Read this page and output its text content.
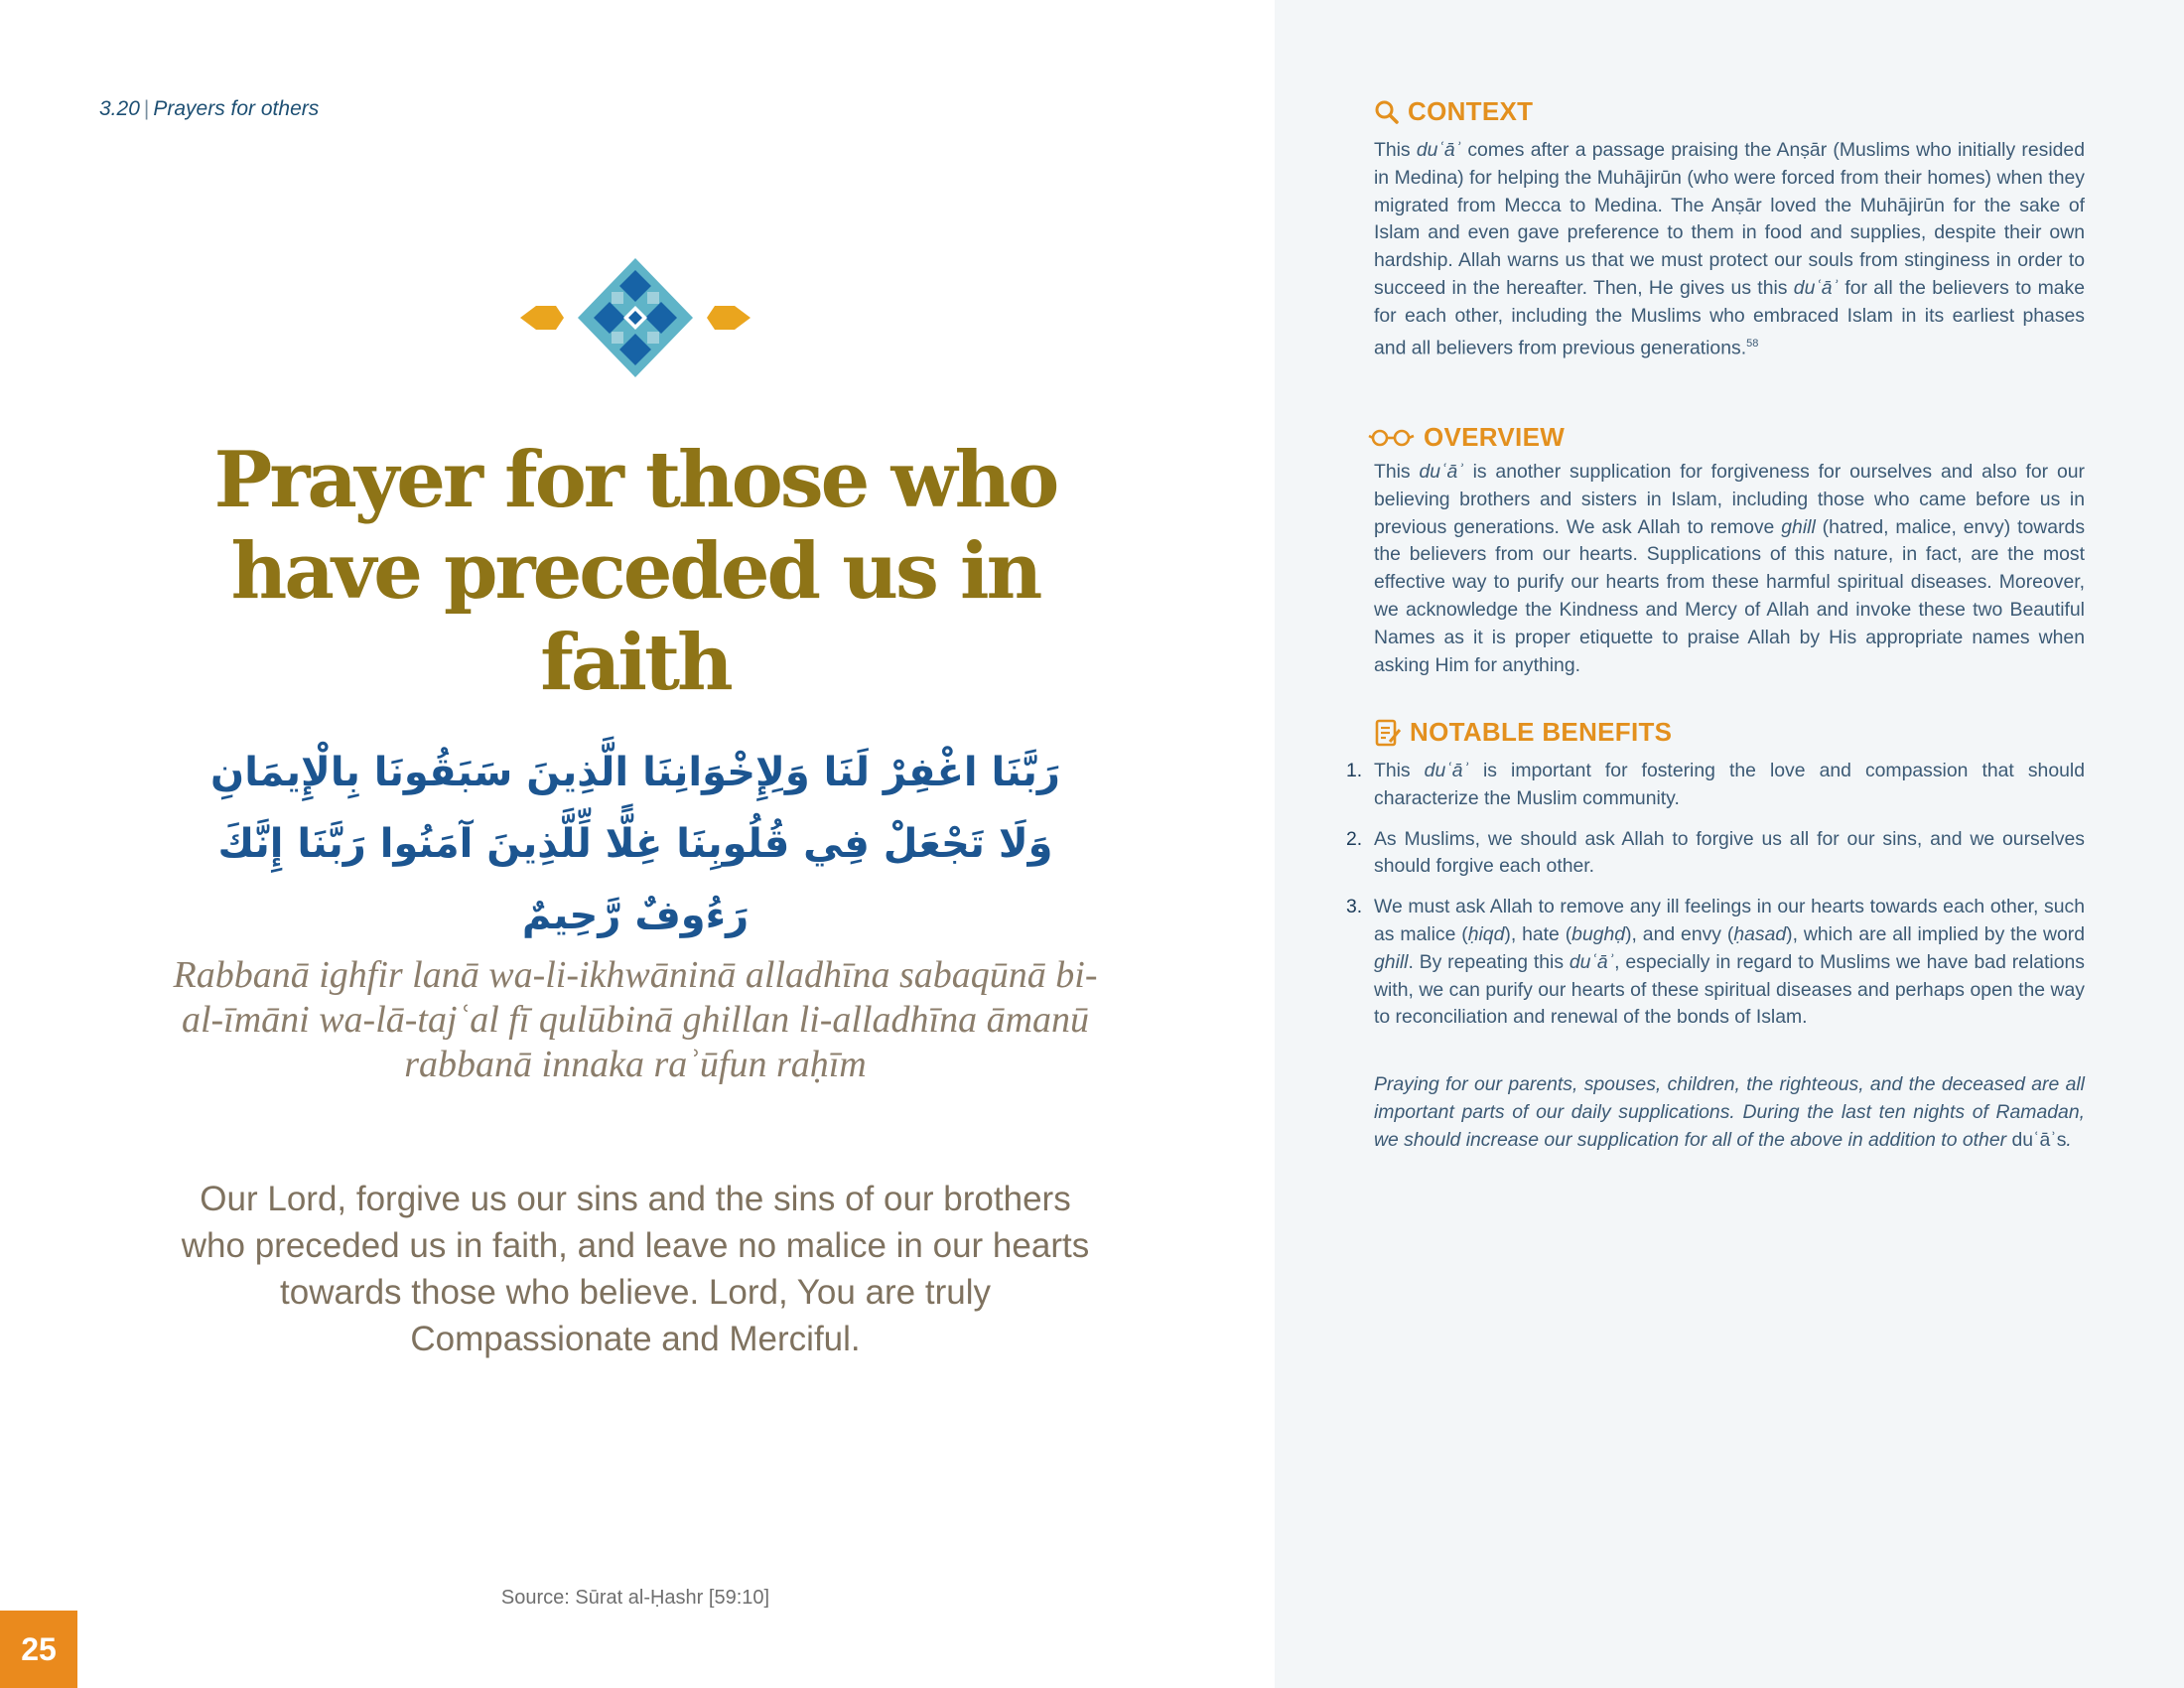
3.20 | Prayers for others
Prayer for those who
have preceded us in faith
رَبَّنَا اغْفِرْ لَنَا وَلِإِخْوَانِنَا الَّذِينَ سَبَقُونَا بِالْإِيمَانِ وَلَا تَجْعَلْ فِي قُلُوبِنَا غِلًّا لِّلَّذِينَ آمَنُوا رَبَّنَا إِنَّكَ رَءُوفٌ رَّحِيمٌ
Rabbanā ighfir lanā wa-li-ikhwāninā alladhīna sabaqūnā bi-al-īmāni wa-lā-tajʿal fī qulūbinā ghillan li-alladhīna āmanū rabbanā innaka raʾūfun raḥīm
Our Lord, forgive us our sins and the sins of our brothers who preceded us in faith, and leave no malice in our hearts towards those who believe. Lord, You are truly Compassionate and Merciful.
Source: Sūrat al-Ḥashr [59:10]
25
CONTEXT

This duʿāʾ comes after a passage praising the Anṣār (Muslims who initially resided in Medina) for helping the Muhājirūn (who were forced from their homes) when they migrated from Mecca to Medina. The Anṣār loved the Muhājirūn for the sake of Islam and even gave preference to them in food and supplies, despite their own hardship. Allah warns us that we must protect our souls from stinginess in order to succeed in the hereafter. Then, He gives us this duʿāʾ for all the believers to make for each other, including the Muslims who embraced Islam in its earliest phases and all believers from previous generations.$^{58}$

OVERVIEW

This duʿāʾ is another supplication for forgiveness for ourselves and also for our believing brothers and sisters in Islam, including those who came before us in previous generations. We ask Allah to remove ghill (hatred, malice, envy) towards the believers from our hearts. Supplications of this nature, in fact, are the most effective way to purify our hearts from these harmful spiritual diseases. Moreover, we acknowledge the Kindness and Mercy of Allah and invoke these two Beautiful Names as it is proper etiquette to praise Allah by His appropriate names when asking Him for anything.

NOTABLE BENEFITS
1. This duʿāʾ is important for fostering the love and compassion that should characterize the Muslim community.
2. As Muslims, we should ask Allah to forgive us all for our sins, and we ourselves should forgive each other.
3. We must ask Allah to remove any ill feelings in our hearts towards each other, such as malice (ḥiqd), hate (bughḍ), and envy (ḥasad), which are all implied by the word ghill. By repeating this duʿāʾ, especially in regard to Muslims we have bad relations with, we can purify our hearts of these spiritual diseases and perhaps open the way to reconciliation and renewal of the bonds of Islam.

Praying for our parents, spouses, children, the righteous, and the deceased are all important parts of our daily supplications. During the last ten nights of Ramadan, we should increase our supplication for all of the above in addition to other duʿāʾs.
